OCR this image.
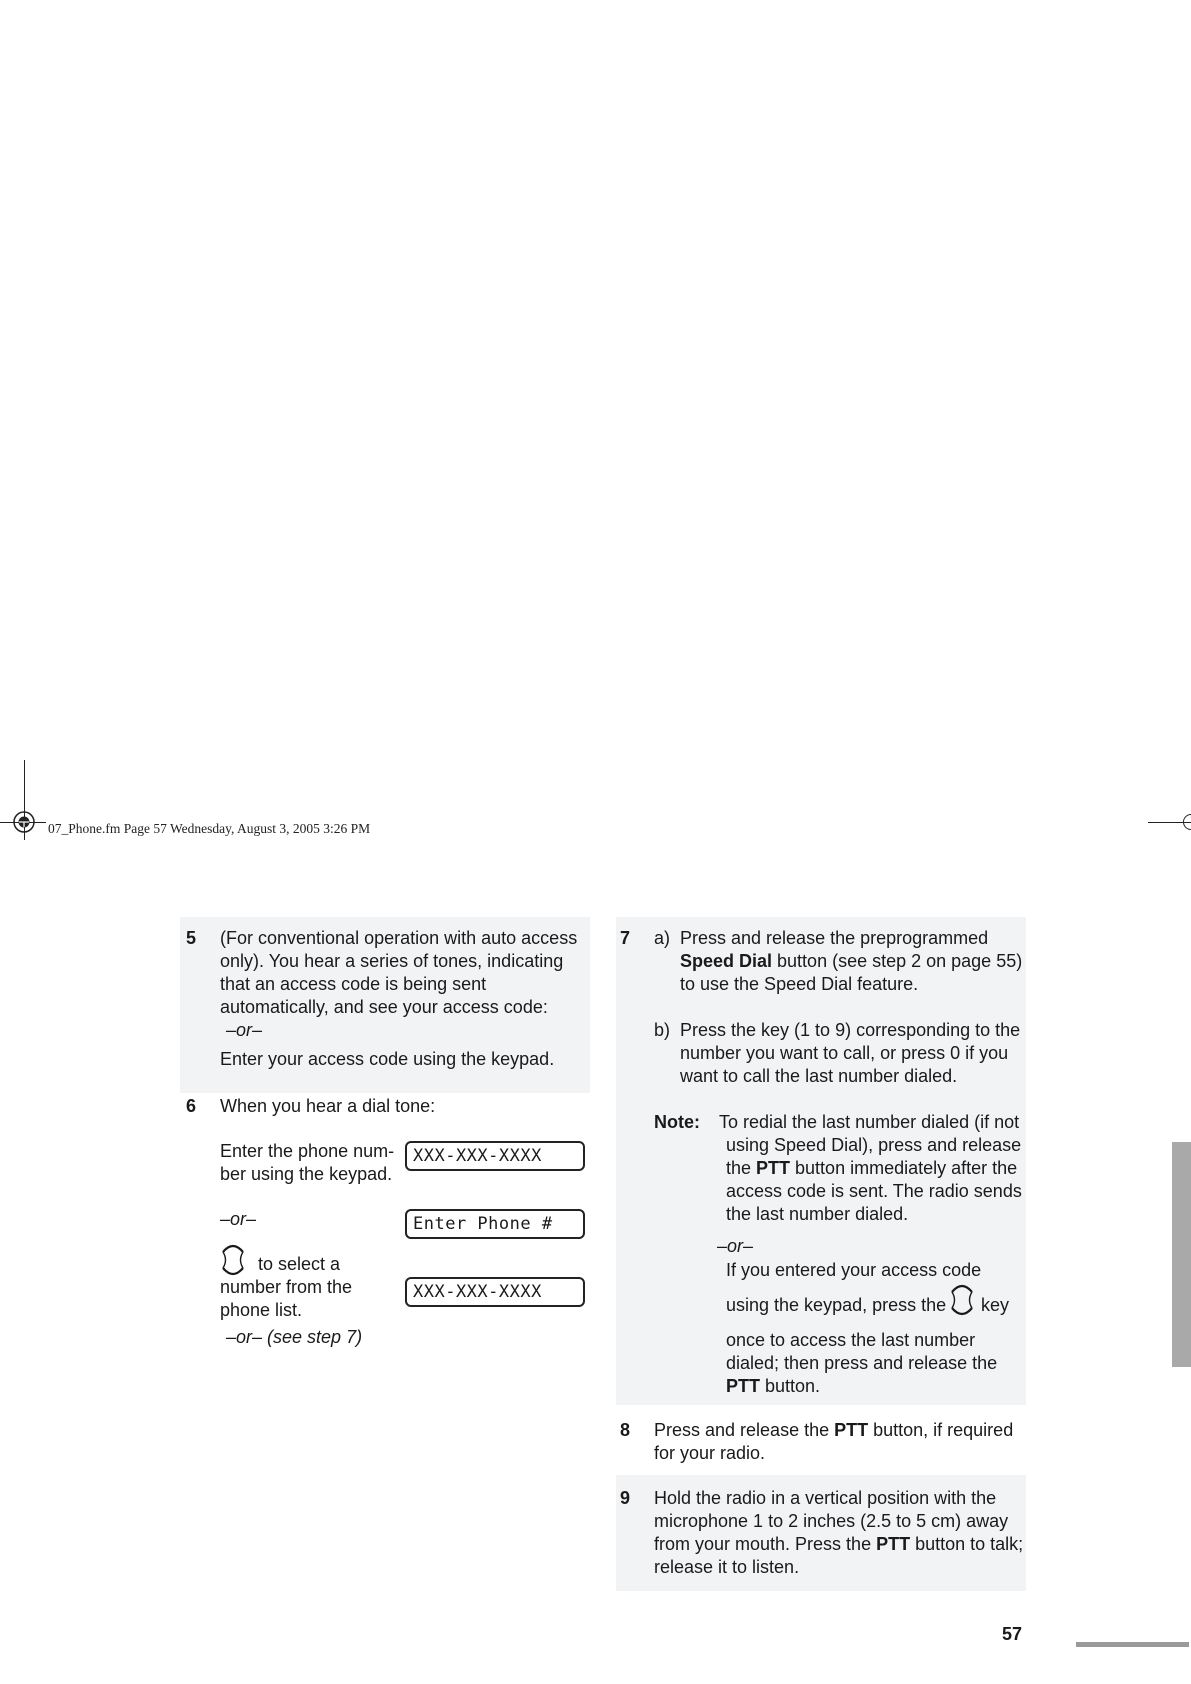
07_Phone.fm Page 57 Wednesday, August 3, 2005 3:26 PM
5 (For conventional operation with auto access
only). You hear a series of tones, indicating
that an access code is being sent
automatically, and see your access code:
–or–
Enter your access code using the keypad.
6 When you hear a dial tone:
Enter the phone num-
ber using the keypad.
–or–
to select a
number from the
phone list.
–or– (see step 7)
XXX-XXX-XXXX
Enter Phone #
XXX-XXX-XXXX
7 a) Press and release the preprogrammed
Speed Dial button (see step 2 on page 55)
to use the Speed Dial feature.
b) Press the key (1 to 9) corresponding to the
number you want to call, or press 0 if you
want to call the last number dialed.
Note: To redial the last number dialed (if not
using Speed Dial), press and release
the PTT button immediately after the
access code is sent. The radio sends
the last number dialed.
–or–
If you entered your access code
using the keypad, press the key
once to access the last number
dialed; then press and release the
PTT button.
8 Press and release the PTT button, if required
for your radio.
9 Hold the radio in a vertical position with the
microphone 1 to 2 inches (2.5 to 5 cm) away
from your mouth. Press the PTT button to talk;
release it to listen.
57
